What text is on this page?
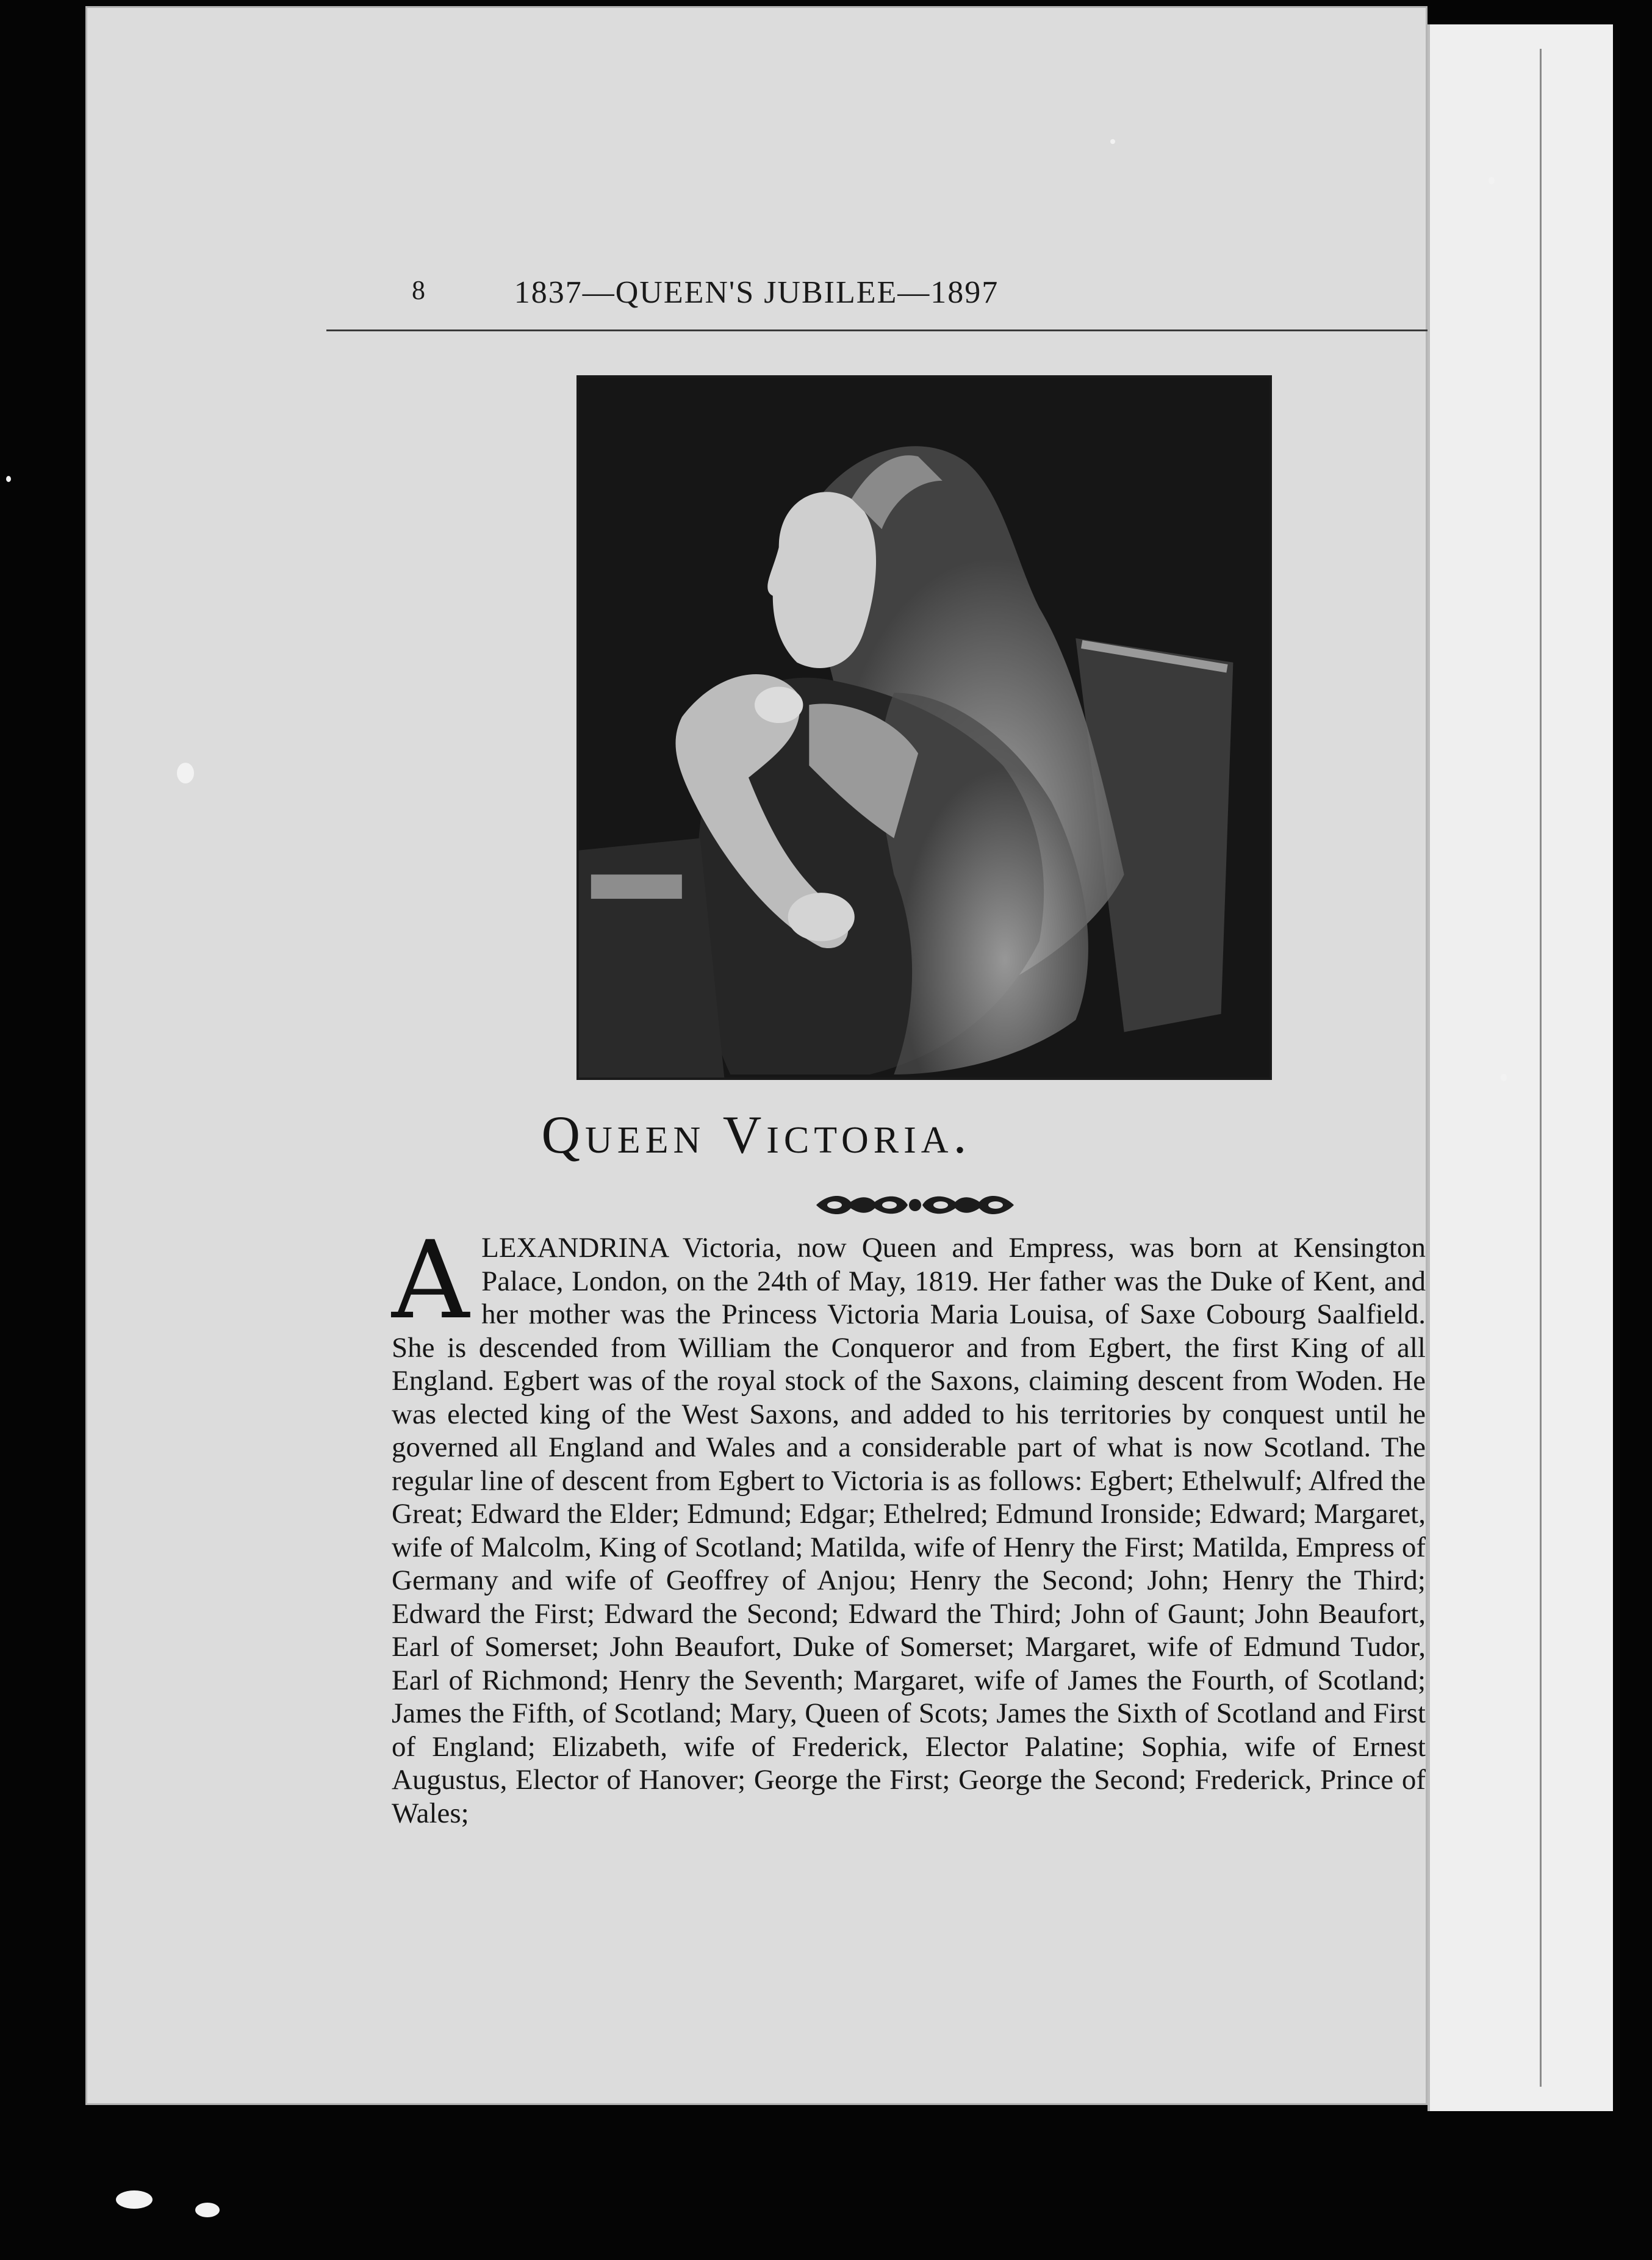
8	1837—QUEEN'S JUBILEE—1897
Queen Victoria.
ALEXANDRINA Victoria, now Queen and Empress, was born at Kensington Palace, London, on the 24th of May, 1819. Her father was the Duke of Kent, and her mother was the Princess Victoria Maria Louisa, of Saxe Cobourg Saalfield. She is descended from William the Conqueror and from Egbert, the first King of all England. Egbert was of the royal stock of the Saxons, claiming descent from Woden. He was elected king of the West Saxons, and added to his territories by conquest until he governed all England and Wales and a considerable part of what is now Scotland. The regular line of descent from Egbert to Victoria is as follows: Egbert; Ethelwulf; Alfred the Great; Edward the Elder; Edmund; Edgar; Ethelred; Edmund Ironside; Edward; Margaret, wife of Malcolm, King of Scotland; Matilda, wife of Henry the First; Matilda, Empress of Germany and wife of Geoffrey of Anjou; Henry the Second; John; Henry the Third; Edward the First; Edward the Second; Edward the Third; John of Gaunt; John Beaufort, Earl of Somerset; John Beaufort, Duke of Somerset; Margaret, wife of Edmund Tudor, Earl of Richmond; Henry the Seventh; Margaret, wife of James the Fourth, of Scotland; James the Fifth, of Scotland; Mary, Queen of Scots; James the Sixth of Scotland and First of England; Elizabeth, wife of Frederick, Elector Palatine; Sophia, wife of Ernest Augustus, Elector of Hanover; George the First; George the Second; Frederick, Prince of Wales;
